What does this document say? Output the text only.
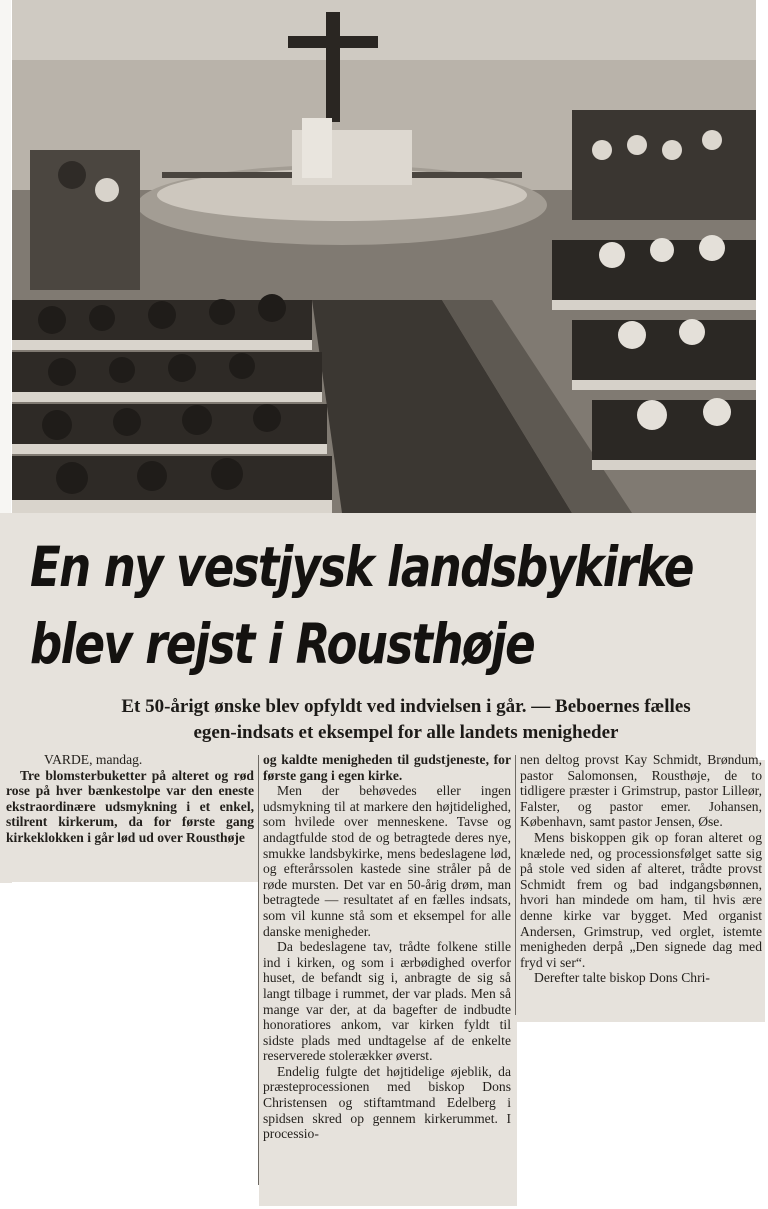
En ny vestjysk landsbykirke
blev rejst i Rousthøje
Et 50-årigt ønske blev opfyldt ved indvielsen i går. — Beboernes fælles
egen-indsats et eksempel for alle landets menigheder

VARDE, mandag.

Tre blomsterbuketter på alteret og rød rose på hver bænkestolpe var den eneste ekstraordinære udsmykning i et enkel, stilrent kirkerum, da for første gang kirkeklokken i går lød ud over Rousthøje

og kaldte menigheden til gudstjeneste, for første gang i egen kirke.

Men der behøvedes eller ingen udsmykning til at markere den højtidelighed, som hvilede over menneskene. Tavse og andagtfulde stod de og betragtede deres nye, smukke landsbykirke, mens bedeslagene lød, og efterårssolen kastede sine stråler på de røde mursten. Det var en 50-årig drøm, man betragtede — resultatet af en fælles indsats, som vil kunne stå som et eksempel for alle danske menigheder.

Da bedeslagene tav, trådte folkene stille ind i kirken, og som i ærbødighed overfor huset, de befandt sig i, anbragte de sig så langt tilbage i rummet, der var plads. Men så mange var der, at da bagefter de indbudte honoratiores ankom, var kirken fyldt til sidste plads med undtagelse af de enkelte reserverede stolerækker øverst.

Endelig fulgte det højtidelige øjeblik, da præsteprocessionen med biskop Dons Christensen og stiftamtmand Edelberg i spidsen skred op gennem kirkerummet. I processio-

nen deltog provst Kay Schmidt, Brøndum, pastor Salomonsen, Rousthøje, de to tidligere præster i Grimstrup, pastor Lilleør, Falster, og pastor emer. Johansen, København, samt pastor Jensen, Øse.

Mens biskoppen gik op foran alteret og knælede ned, og processionsfølget satte sig på stole ved siden af alteret, trådte provst Schmidt frem og bad indgangsbønnen, hvori han mindede om ham, til hvis ære denne kirke var bygget. Med organist Andersen, Grimstrup, ved orglet, istemte menigheden derpå „Den signede dag med fryd vi ser“.

Derefter talte biskop Dons Chri-
